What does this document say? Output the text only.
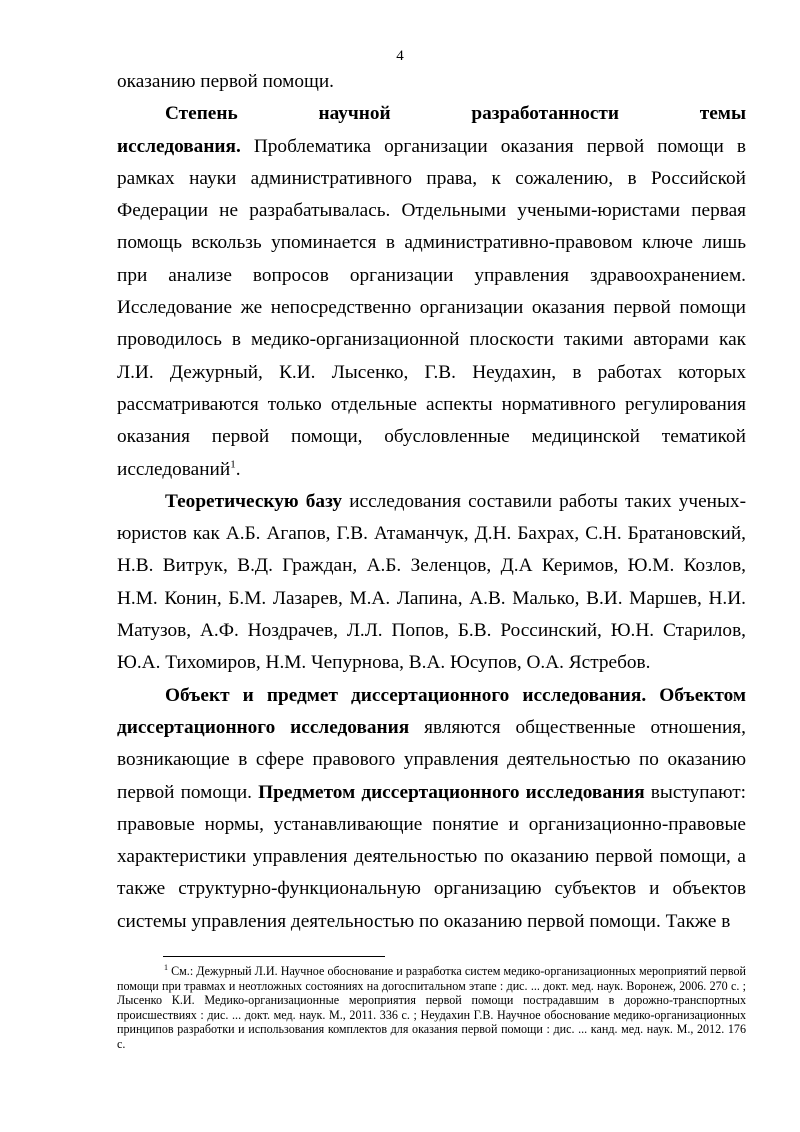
4

оказанию первой помощи.

Степень научной разработанности темы исследования. Проблематика организации оказания первой помощи в рамках науки административного права, к сожалению, в Российской Федерации не разрабатывалась. Отдельными учеными-юристами первая помощь вскользь упоминается в административно-правовом ключе лишь при анализе вопросов организации управления здравоохранением. Исследование же непосредственно организации оказания первой помощи проводилось в медико-организационной плоскости такими авторами как Л.И. Дежурный, К.И. Лысенко, Г.В. Неудахин, в работах которых рассматриваются только отдельные аспекты нормативного регулирования оказания первой помощи, обусловленные медицинской тематикой исследований$^1$.

Теоретическую базу исследования составили работы таких ученых-юристов как А.Б. Агапов, Г.В. Атаманчук, Д.Н. Бахрах, С.Н. Братановский, Н.В. Витрук, В.Д. Граждан, А.Б. Зеленцов, Д.А Керимов, Ю.М. Козлов, Н.М. Конин, Б.М. Лазарев, М.А. Лапина, А.В. Малько, В.И. Маршев, Н.И. Матузов, А.Ф. Ноздрачев, Л.Л. Попов, Б.В. Россинский, Ю.Н. Старилов, Ю.А. Тихомиров, Н.М. Чепурнова, В.А. Юсупов, О.А. Ястребов.

Объект и предмет диссертационного исследования. Объектом диссертационного исследования являются общественные отношения, возникающие в сфере правового управления деятельностью по оказанию первой помощи. Предметом диссертационного исследования выступают: правовые нормы, устанавливающие понятие и организационно-правовые характеристики управления деятельностью по оказанию первой помощи, а также структурно-функциональную организацию субъектов и объектов системы управления деятельностью по оказанию первой помощи. Также в

$^1$ См.: Дежурный Л.И. Научное обоснование и разработка систем медико-организационных мероприятий первой помощи при травмах и неотложных состояниях на догоспитальном этапе : дис. ... докт. мед. наук. Воронеж, 2006. 270 с. ; Лысенко К.И. Медико-организационные мероприятия первой помощи пострадавшим в дорожно-транспортных происшествиях : дис. ... докт. мед. наук. М., 2011. 336 с. ; Неудахин Г.В. Научное обоснование медико-организационных принципов разработки и использования комплектов для оказания первой помощи : дис. ... канд. мед. наук. М., 2012. 176 с.
